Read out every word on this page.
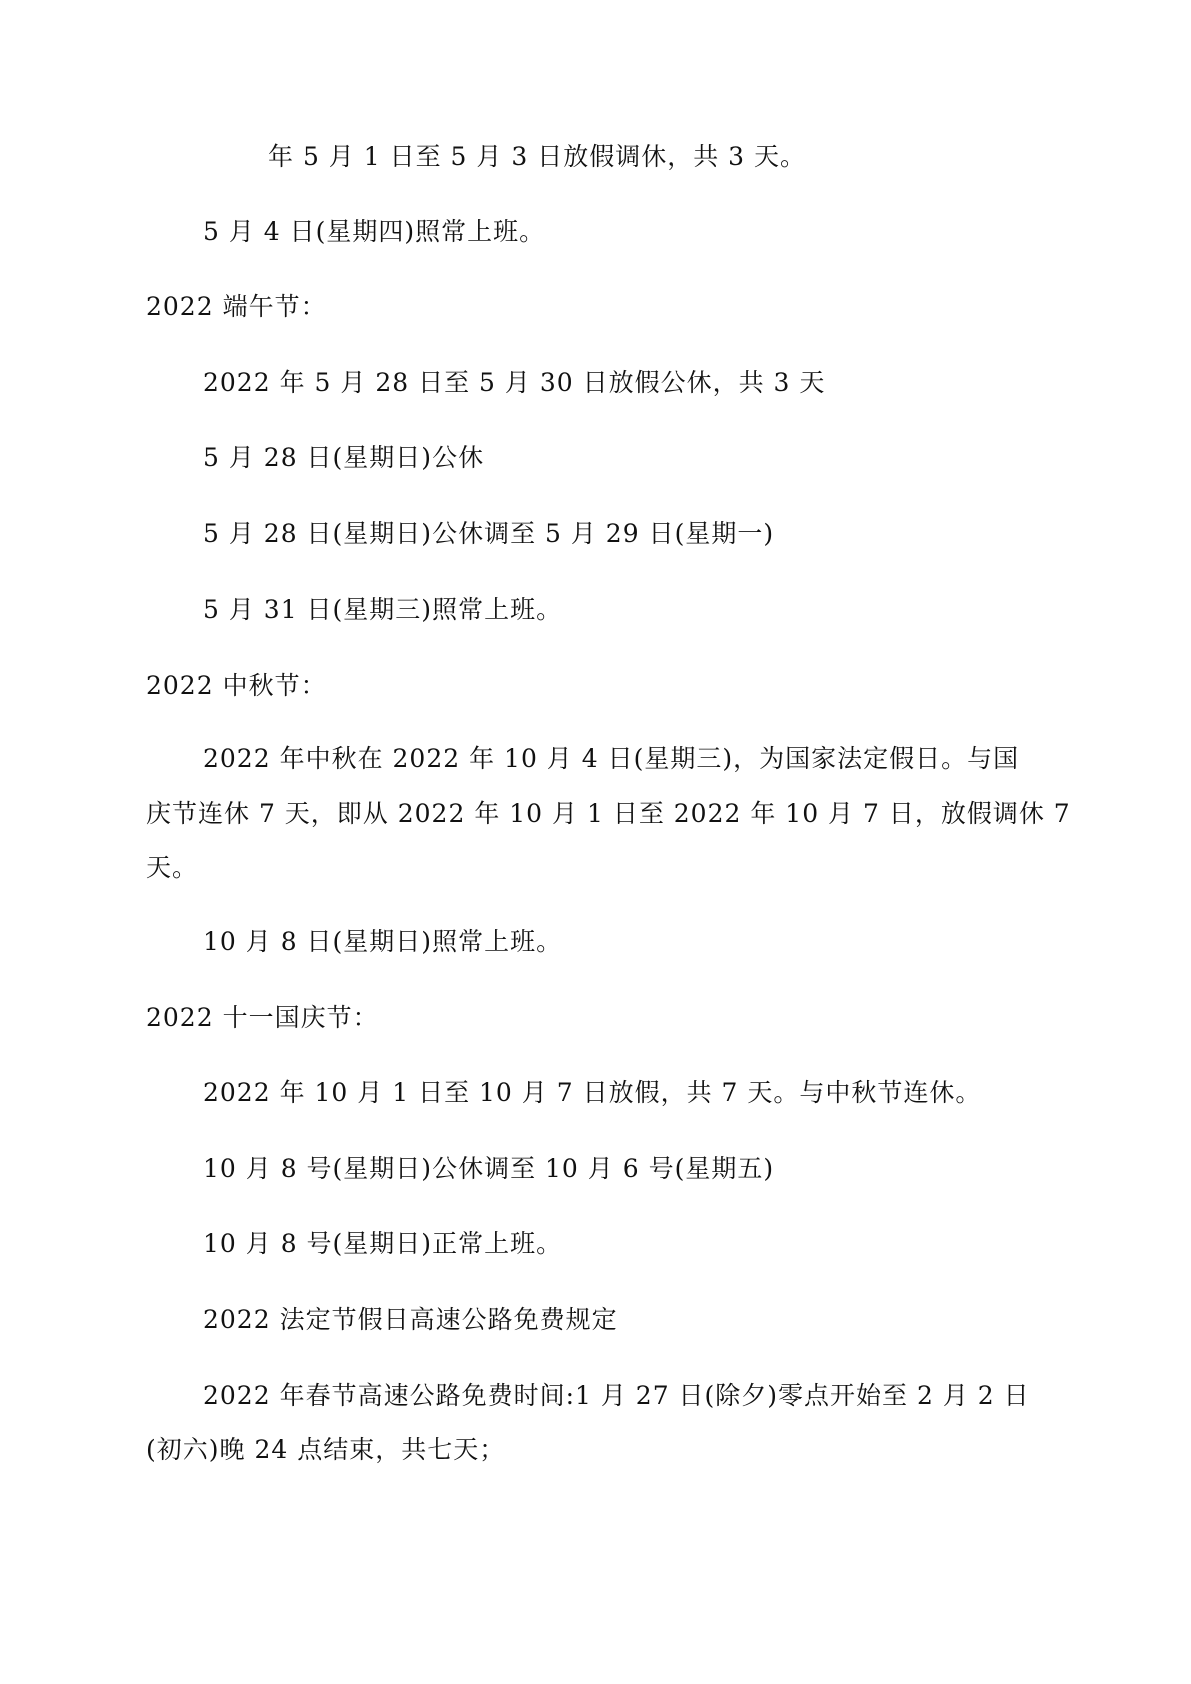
年 5 月 1 日至 5 月 3 日放假调休，共 3 天。
5 月 4 日(星期四)照常上班。
2022 端午节：
2022 年 5 月 28 日至 5 月 30 日放假公休，共 3 天
5 月 28 日(星期日)公休
5 月 28 日(星期日)公休调至 5 月 29 日(星期一)
5 月 31 日(星期三)照常上班。
2022 中秋节：
2022 年中秋在 2022 年 10 月 4 日(星期三)，为国家法定假日。与国
庆节连休 7 天，即从 2022 年 10 月 1 日至 2022 年 10 月 7 日，放假调休 7
天。
10 月 8 日(星期日)照常上班。
2022 十一国庆节：
2022 年 10 月 1 日至 10 月 7 日放假，共 7 天。与中秋节连休。
10 月 8 号(星期日)公休调至 10 月 6 号(星期五)
10 月 8 号(星期日)正常上班。
2022 法定节假日高速公路免费规定
2022 年春节高速公路免费时间:1 月 27 日(除夕)零点开始至 2 月 2 日
(初六)晚 24 点结束，共七天；
